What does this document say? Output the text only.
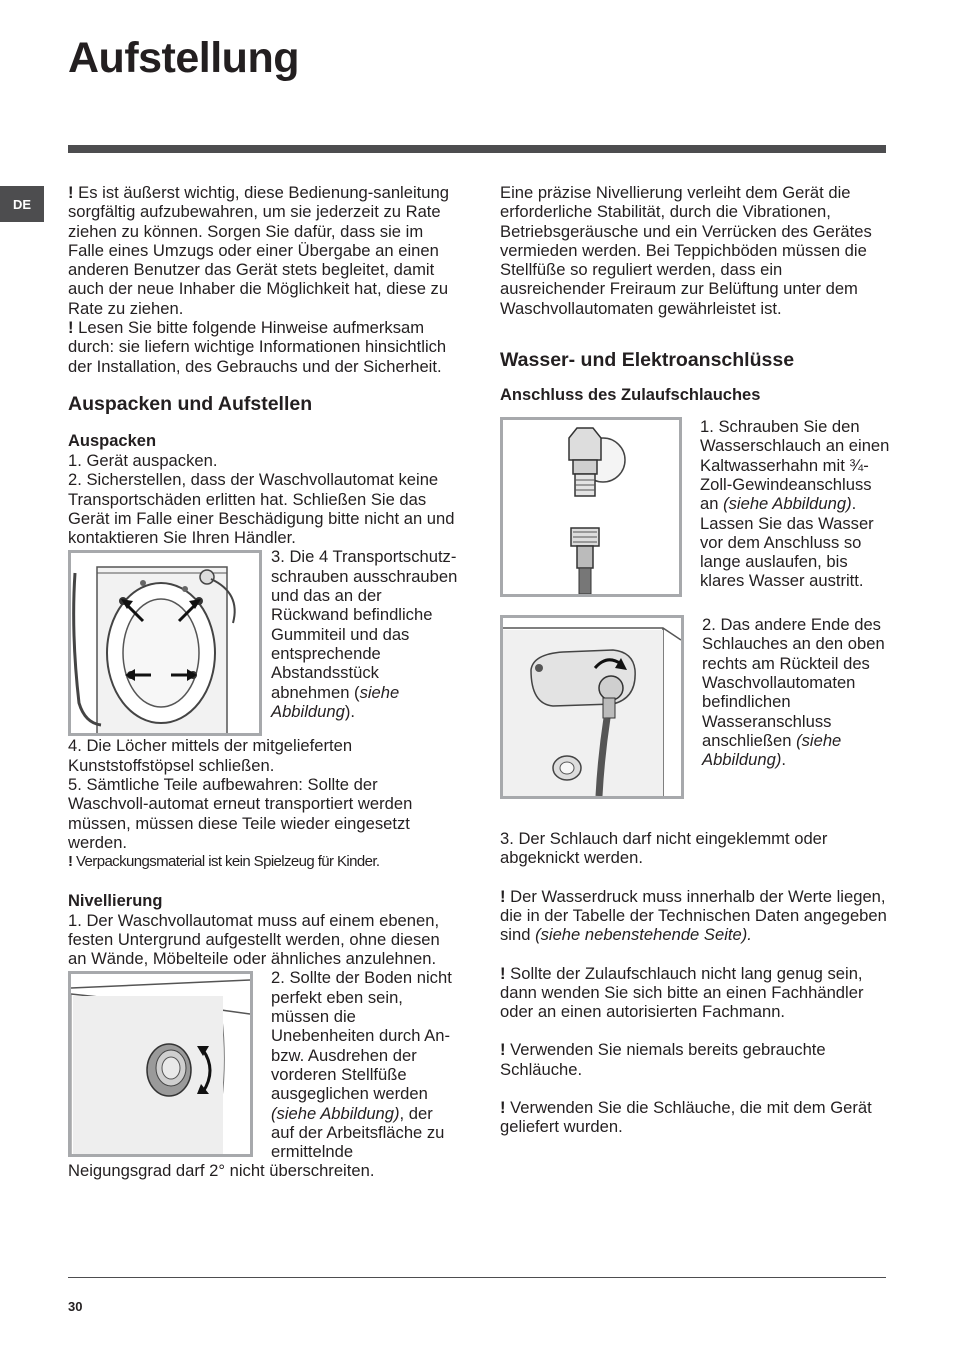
Aufstellung
DE

! Es ist äußerst wichtig, diese Bedienung-sanleitung sorgfältig aufzubewahren, um sie jederzeit zu Rate ziehen zu können. Sorgen Sie dafür, dass sie im Falle eines Umzugs oder einer Übergabe an einen anderen Benutzer das Gerät stets begleitet, damit auch der neue Inhaber die Möglichkeit hat, diese zu Rate zu ziehen.

! Lesen Sie bitte folgende Hinweise aufmerksam durch: sie liefern wichtige Informationen hinsichtlich der Installation, des Gebrauchs und der Sicherheit.

Auspacken und Aufstellen
Auspacken

1. Gerät auspacken.

2. Sicherstellen, dass der Waschvollautomat keine Transportschäden erlitten hat. Schließen Sie das Gerät im Falle einer Beschädigung bitte nicht an und kontaktieren Sie Ihren Händler.

3. Die 4 Transportschutz-schrauben ausschrauben und das an der Rückwand befindliche Gummiteil und das entsprechende Abstandsstück abnehmen (siehe Abbildung).

4. Die Löcher mittels der mitgelieferten Kunststoffstöpsel schließen.

5. Sämtliche Teile aufbewahren: Sollte der Waschvoll-automat erneut transportiert werden müssen, müssen diese Teile wieder eingesetzt werden.

! Verpackungsmaterial ist kein Spielzeug für Kinder.

Nivellierung

1. Der Waschvollautomat muss auf einem ebenen, festen Untergrund aufgestellt werden, ohne diesen an Wände, Möbelteile oder ähnliches anzulehnen.

2. Sollte der Boden nicht perfekt eben sein, müssen die Unebenheiten durch An- bzw. Ausdrehen der vorderen Stellfüße ausgeglichen werden (siehe Abbildung), der auf der Arbeitsfläche zu ermittelnde Neigungsgrad darf 2° nicht überschreiten.

Eine präzise Nivellierung verleiht dem Gerät die erforderliche Stabilität, durch die Vibrationen, Betriebsgeräusche und ein Verrücken des Gerätes vermieden werden. Bei Teppichböden müssen die Stellfüße so reguliert werden, dass ein ausreichender Freiraum zur Belüftung unter dem Waschvollautomaten gewährleistet ist.

Wasser- und Elektroanschlüsse
Anschluss des Zulaufschlauches

1. Schrauben Sie den Wasserschlauch an einen Kaltwasserhahn mit ¾-Zoll-Gewindeanschluss an (siehe Abbildung). Lassen Sie das Wasser vor dem Anschluss so lange auslaufen, bis klares Wasser austritt.

2. Das andere Ende des Schlauches an den oben rechts am Rückteil des Waschvollautomaten befindlichen Wasseranschluss anschließen (siehe Abbildung).

3. Der Schlauch darf nicht eingeklemmt oder abgeknickt werden.

! Der Wasserdruck muss innerhalb der Werte liegen, die in der Tabelle der Technischen Daten angegeben sind (siehe nebenstehende Seite).

! Sollte der Zulaufschlauch nicht lang genug sein, dann wenden Sie sich bitte an einen Fachhändler oder an einen autorisierten Fachmann.

! Verwenden Sie niemals bereits gebrauchte Schläuche.

! Verwenden Sie die Schläuche, die mit dem Gerät geliefert wurden.

30
